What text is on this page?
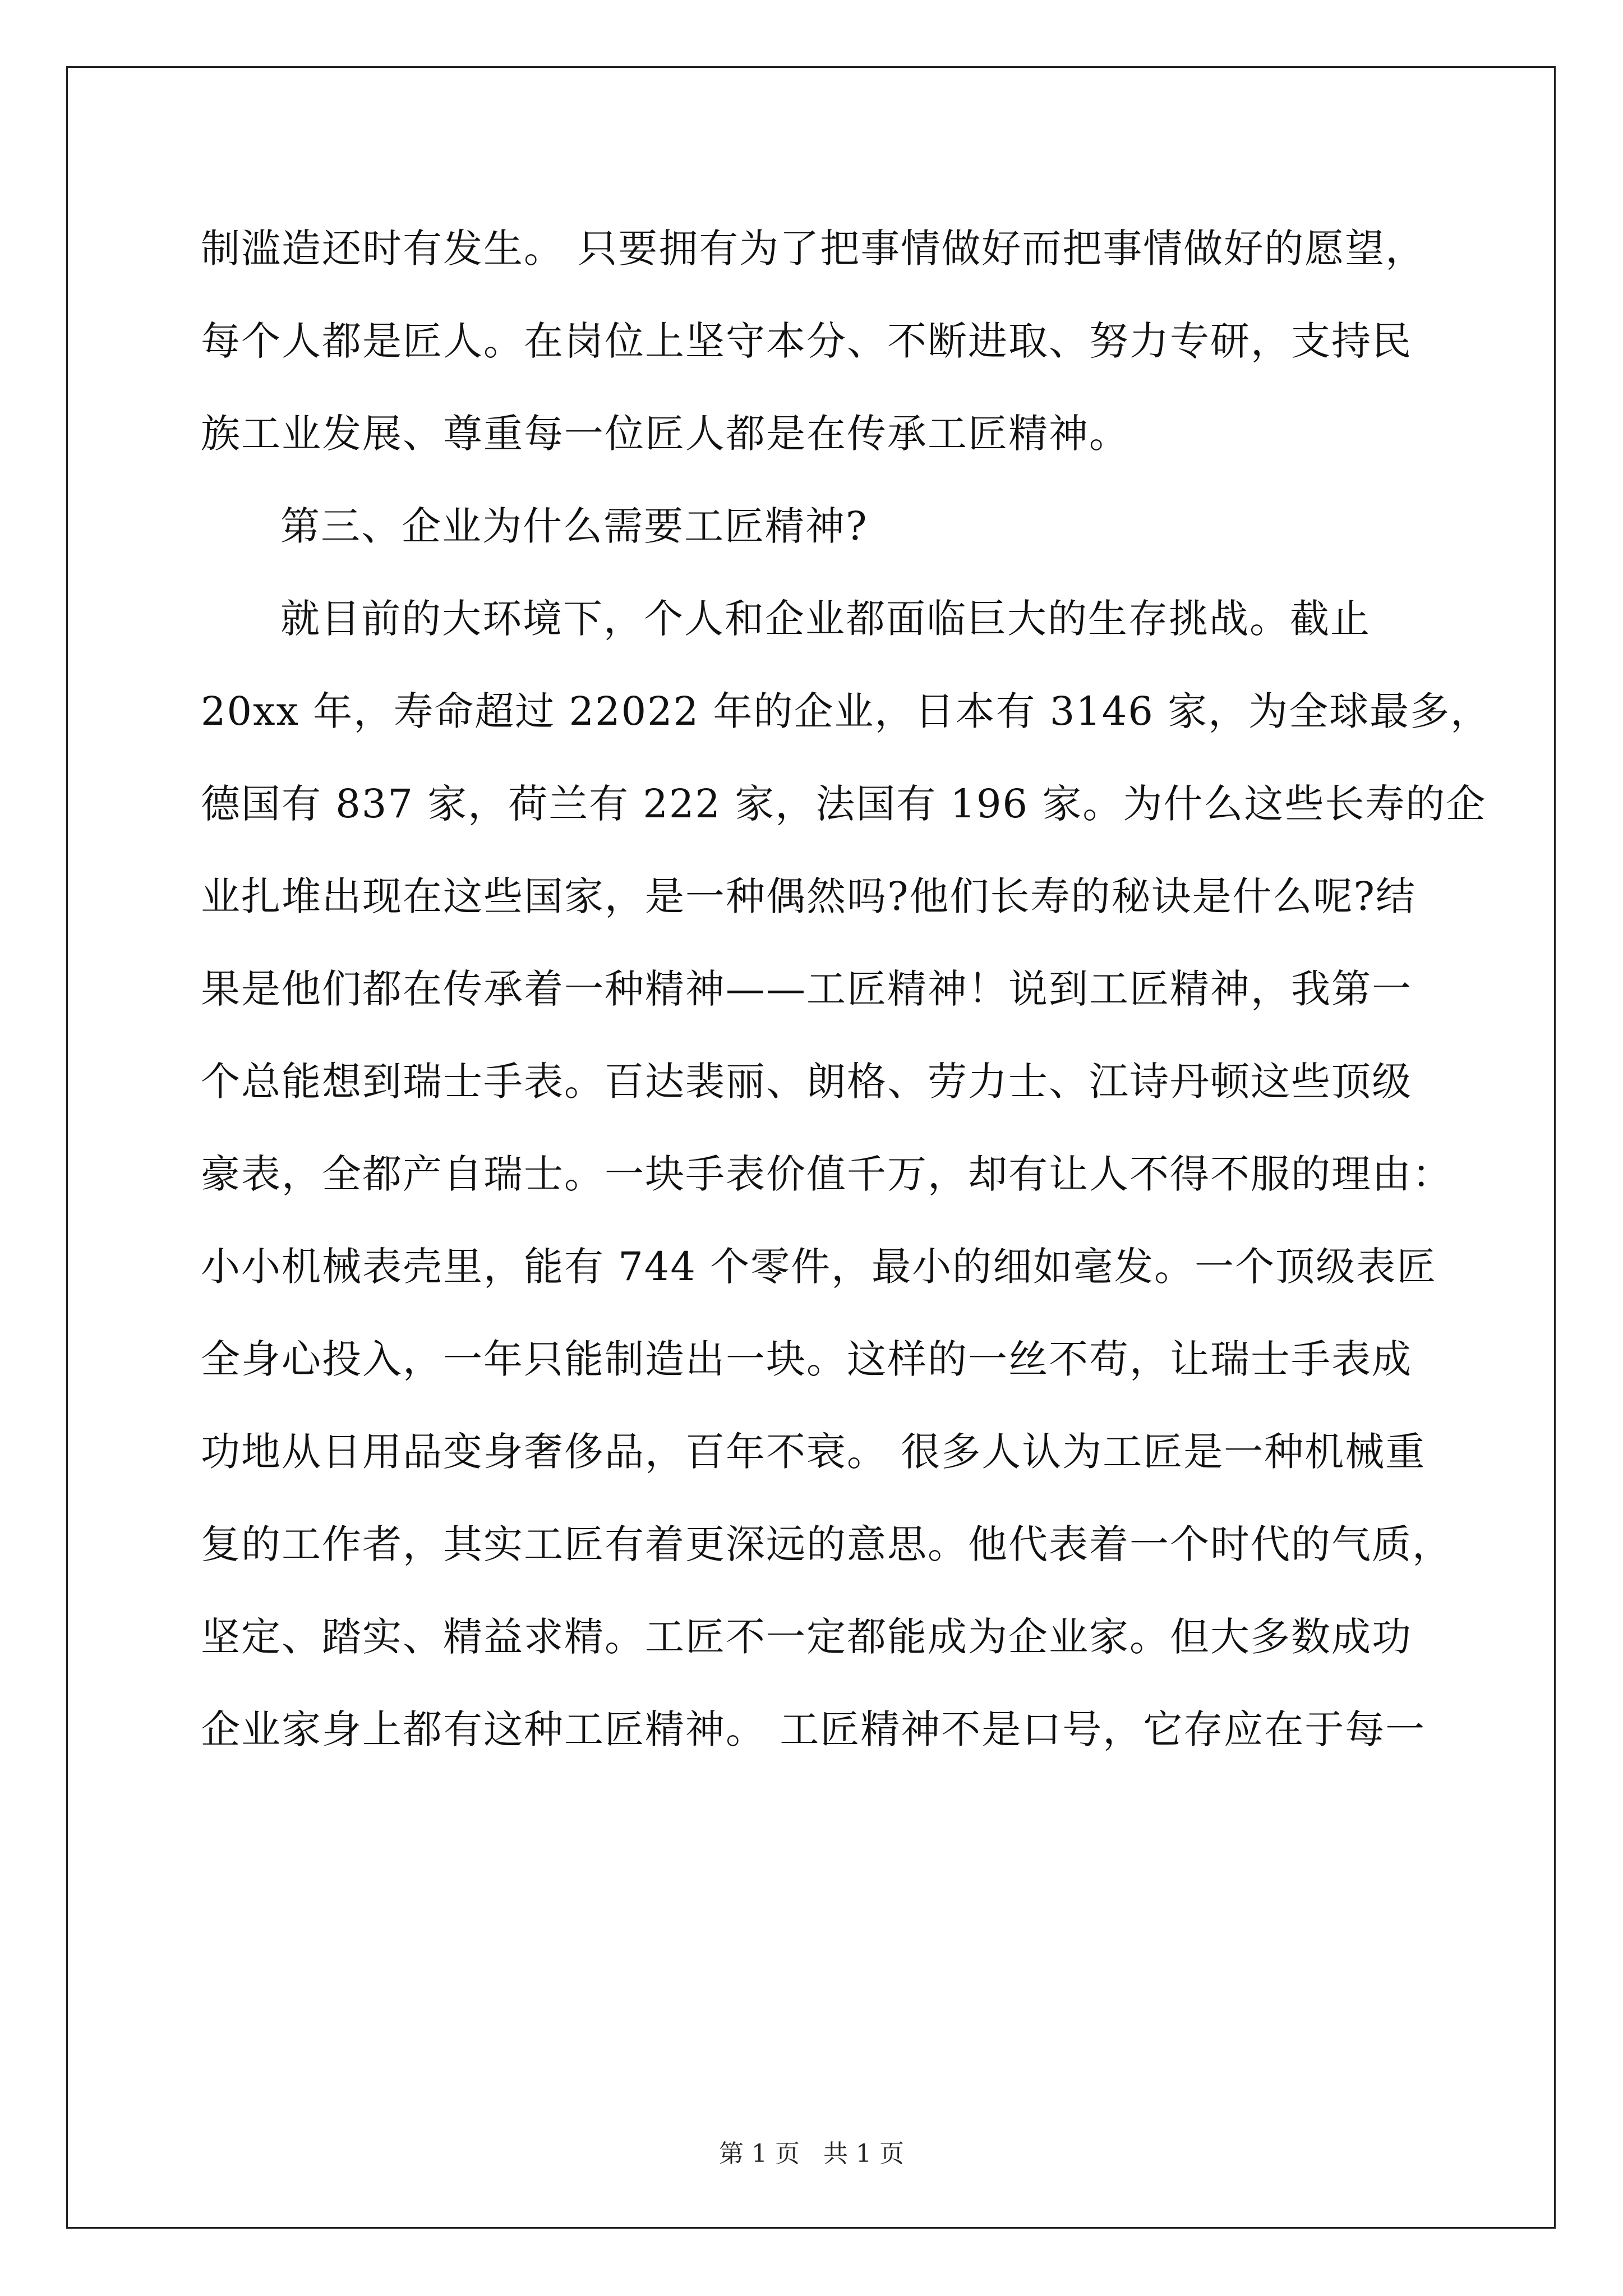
制滥造还时有发生。 只要拥有为了把事情做好而把事情做好的愿望，
每个人都是匠人。在岗位上坚守本分、不断进取、努力专研，支持民
族工业发展、尊重每一位匠人都是在传承工匠精神。
第三、企业为什么需要工匠精神?
就目前的大环境下，个人和企业都面临巨大的生存挑战。截止
20xx 年，寿命超过 22022 年的企业，日本有 3146 家，为全球最多，
德国有 837 家，荷兰有 222 家，法国有 196 家。为什么这些长寿的企
业扎堆出现在这些国家，是一种偶然吗?他们长寿的秘诀是什么呢?结
果是他们都在传承着一种精神——工匠精神！说到工匠精神，我第一
个总能想到瑞士手表。百达裴丽、朗格、劳力士、江诗丹顿这些顶级
豪表，全都产自瑞士。一块手表价值千万，却有让人不得不服的理由：
小小机械表壳里，能有 744 个零件，最小的细如毫发。一个顶级表匠
全身心投入，一年只能制造出一块。这样的一丝不苟，让瑞士手表成
功地从日用品变身奢侈品，百年不衰。 很多人认为工匠是一种机械重
复的工作者，其实工匠有着更深远的意思。他代表着一个时代的气质，
坚定、踏实、精益求精。工匠不一定都能成为企业家。但大多数成功
企业家身上都有这种工匠精神。 工匠精神不是口号，它存应在于每一
第 1 页   共 1 页
